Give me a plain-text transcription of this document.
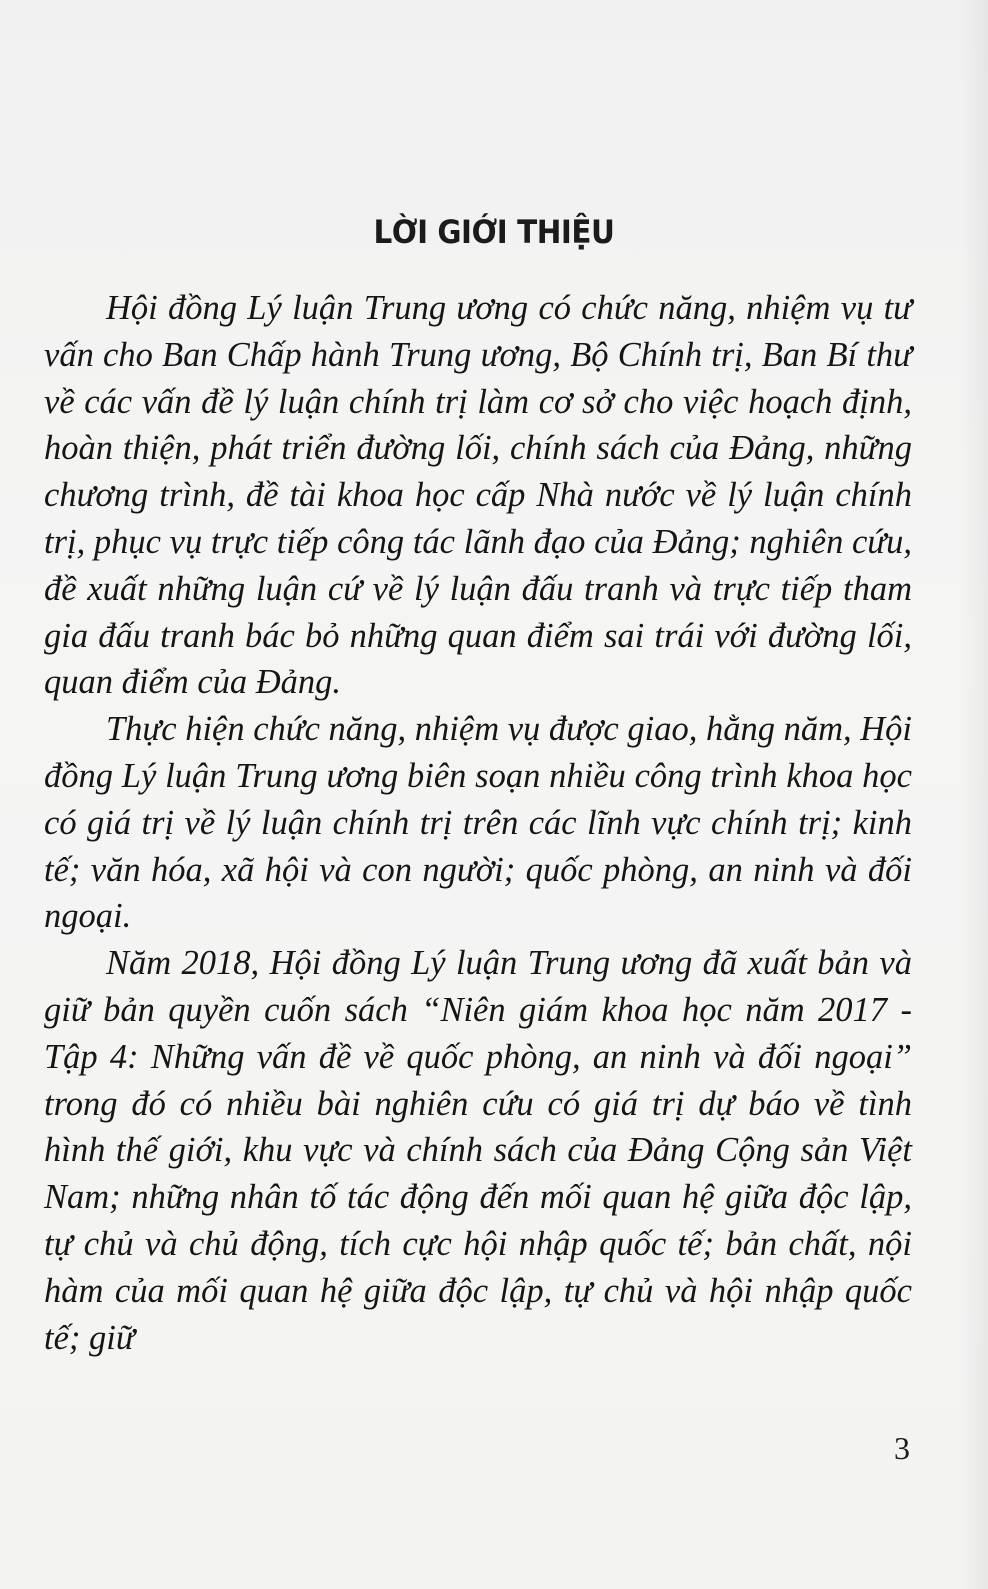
LỜI GIỚI THIỆU

Hội đồng Lý luận Trung ương có chức năng, nhiệm vụ tư vấn cho Ban Chấp hành Trung ương, Bộ Chính trị, Ban Bí thư về các vấn đề lý luận chính trị làm cơ sở cho việc hoạch định, hoàn thiện, phát triển đường lối, chính sách của Đảng, những chương trình, đề tài khoa học cấp Nhà nước về lý luận chính trị, phục vụ trực tiếp công tác lãnh đạo của Đảng; nghiên cứu, đề xuất những luận cứ về lý luận đấu tranh và trực tiếp tham gia đấu tranh bác bỏ những quan điểm sai trái với đường lối, quan điểm của Đảng.

Thực hiện chức năng, nhiệm vụ được giao, hằng năm, Hội đồng Lý luận Trung ương biên soạn nhiều công trình khoa học có giá trị về lý luận chính trị trên các lĩnh vực chính trị; kinh tế; văn hóa, xã hội và con người; quốc phòng, an ninh và đối ngoại.

Năm 2018, Hội đồng Lý luận Trung ương đã xuất bản và giữ bản quyền cuốn sách “Niên giám khoa học năm 2017 - Tập 4: Những vấn đề về quốc phòng, an ninh và đối ngoại” trong đó có nhiều bài nghiên cứu có giá trị dự báo về tình hình thế giới, khu vực và chính sách của Đảng Cộng sản Việt Nam; những nhân tố tác động đến mối quan hệ giữa độc lập, tự chủ và chủ động, tích cực hội nhập quốc tế; bản chất, nội hàm của mối quan hệ giữa độc lập, tự chủ và hội nhập quốc tế; giữ

3
